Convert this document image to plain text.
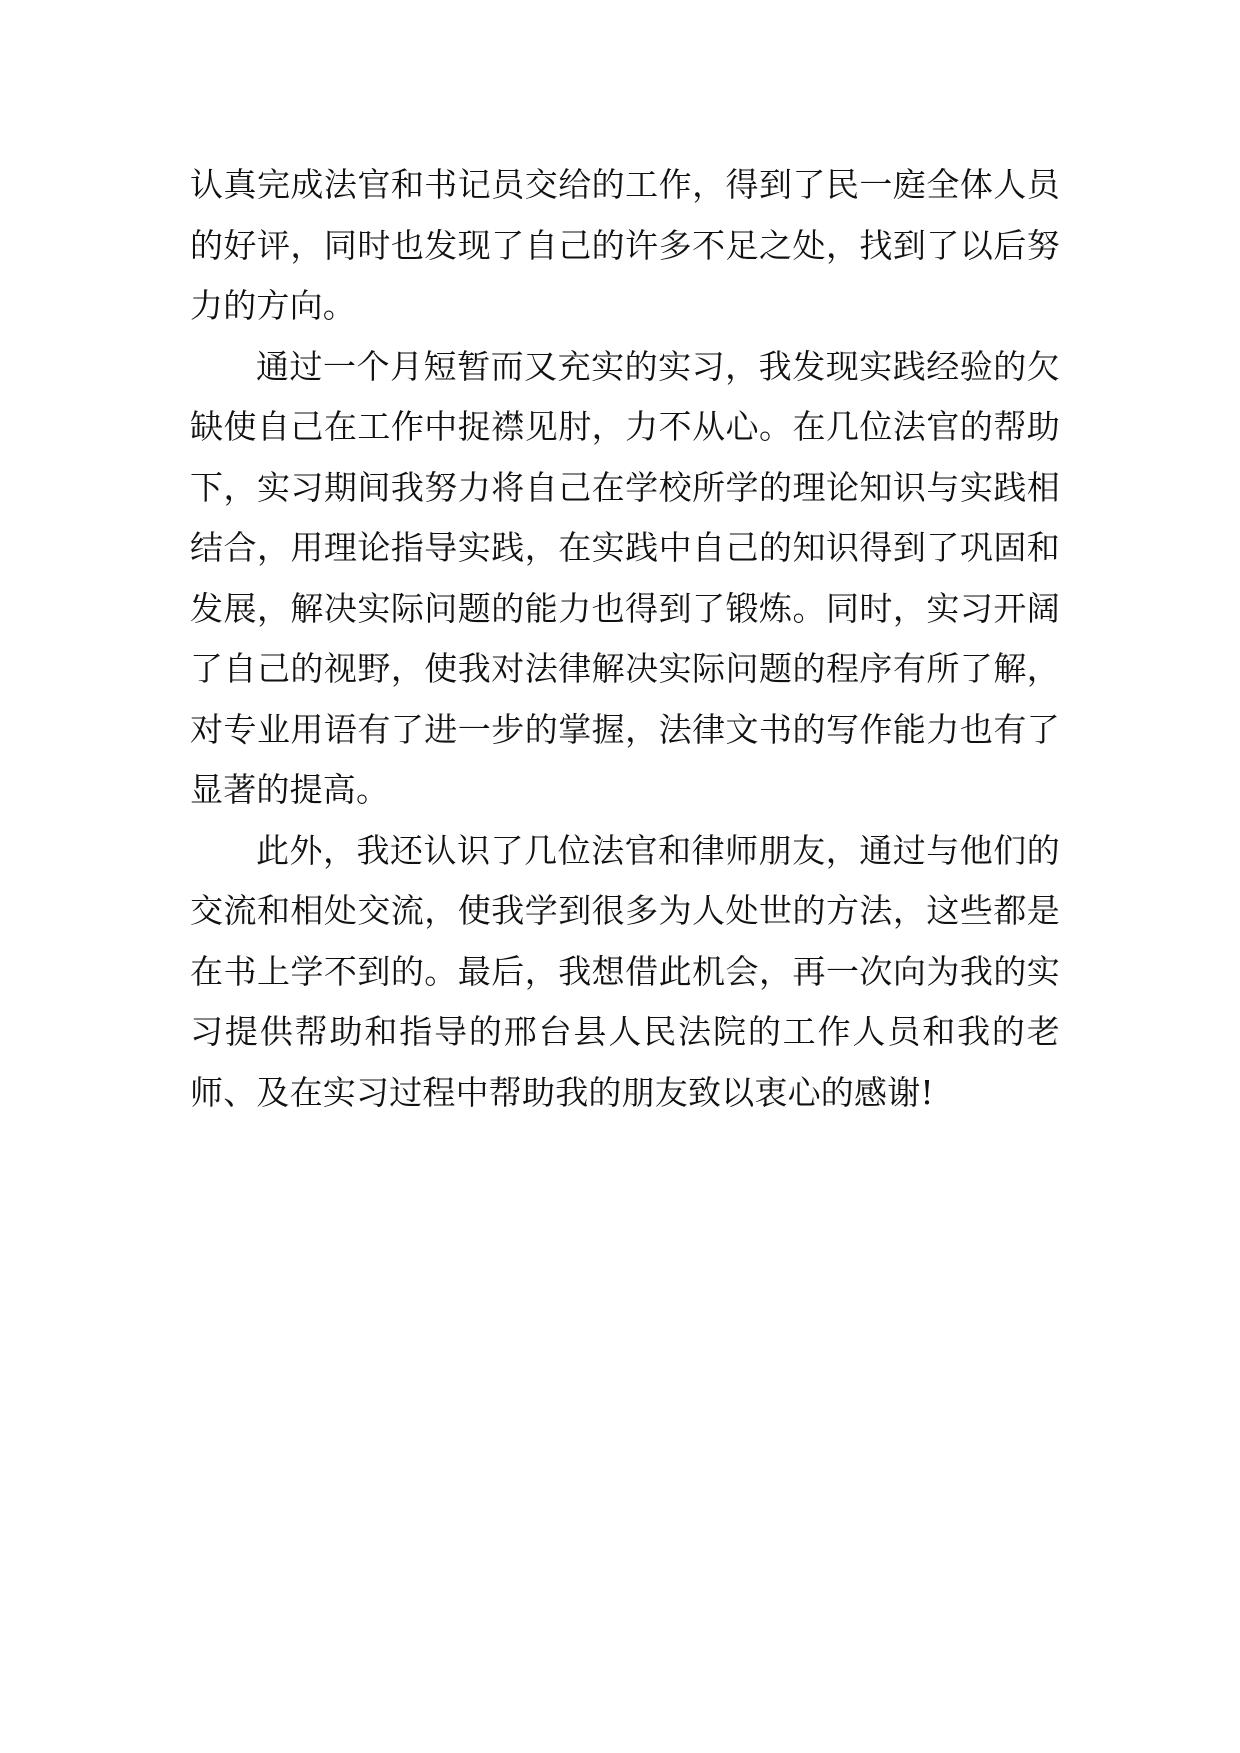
认真完成法官和书记员交给的工作，得到了民一庭全体人员
的好评，同时也发现了自己的许多不足之处，找到了以后努
力的方向。
通过一个月短暂而又充实的实习，我发现实践经验的欠
缺使自己在工作中捉襟见肘，力不从心。在几位法官的帮助
下，实习期间我努力将自己在学校所学的理论知识与实践相
结合，用理论指导实践，在实践中自己的知识得到了巩固和
发展，解决实际问题的能力也得到了锻炼。同时，实习开阔
了自己的视野，使我对法律解决实际问题的程序有所了解，
对专业用语有了进一步的掌握，法律文书的写作能力也有了
显著的提高。
此外，我还认识了几位法官和律师朋友，通过与他们的
交流和相处交流，使我学到很多为人处世的方法，这些都是
在书上学不到的。最后，我想借此机会，再一次向为我的实
习提供帮助和指导的邢台县人民法院的工作人员和我的老
师、及在实习过程中帮助我的朋友致以衷心的感谢!
